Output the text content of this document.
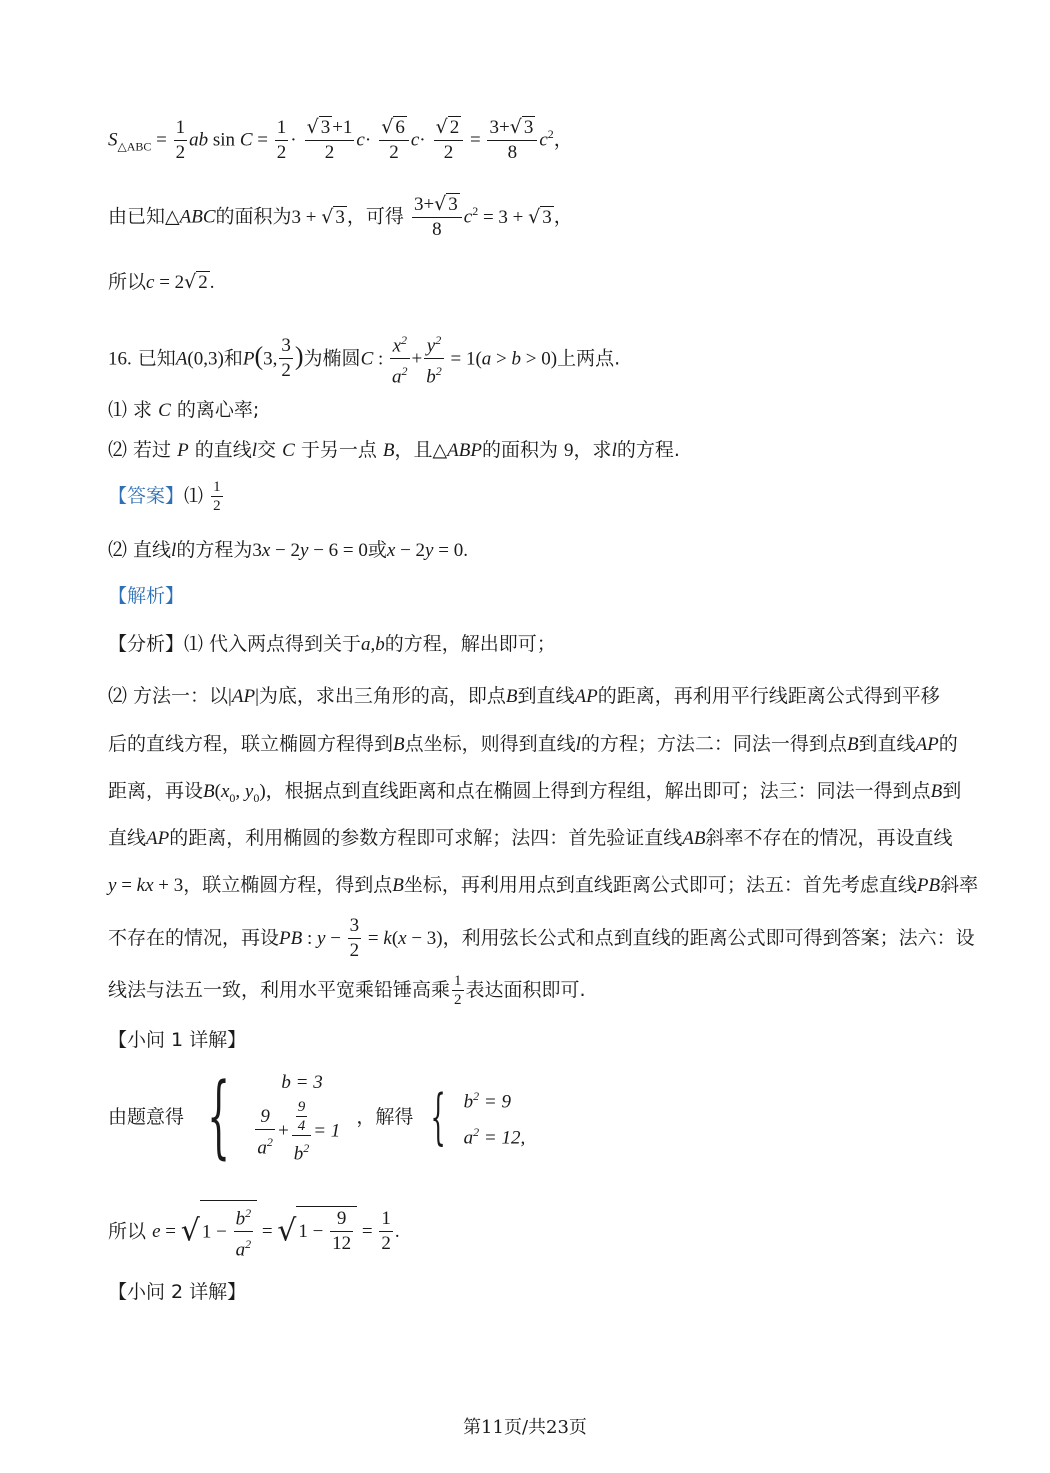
$S_{\triangle ABC} = \frac{1}{2}$ ab $\sin C = \frac{1}{2} \cdot \frac{√ 3 +1}{2} c\cdot \frac{√ 6}{2} c\cdot \frac{√ 2}{2} = \frac{3+√ 3}{8} c^2$，
由已知△ABC的面积为3 + √ 3 ，可得 $\frac{3+√ 3}{8} c^2 = 3$ + √ 3 ，
所以c = 2√ 2 .
16. 已知A(0,3)和P(3, $\frac{3}{2}$ )为椭圆C : $\frac{x^2}{a^2} + \frac{y^2}{b^2} = 1(a > b > 0)$上两点.
⑴ 求 C 的离心率;
⑵ 若过 P 的直线l交 C 于另一点 B，且△ABP的面积为 9，求l的方程.
【答案】⑴ $\frac{1}{2}$
⑵ 直线l的方程为3x − 2y − 6 = 0或x − 2y = 0.
【解析】
【分析】⑴ 代入两点得到关于a,b的方程，解出即可；
⑵ 方法一：以|AP|为底，求出三角形的高，即点B到直线AP的距离，再利用平行线距离公式得到平移
后的直线方程，联立椭圆方程得到B点坐标，则得到直线l的方程；方法二：同法一得到点B到直线AP的
距离，再设$B(x_0$, $y_0$)，根据点到直线距离和点在椭圆上得到方程组，解出即可；法三：同法一得到点B到
直线AP的距离，利用椭圆的参数方程即可求解；法四：首先验证直线AB斜率不存在的情况，再设直线
y = kx + 3，联立椭圆方程，得到点B坐标，再利用用点到直线距离公式即可；法五：首先考虑直线PB斜率
不存在的情况，再设PB : $y - \frac{3}{2} = k(x - 3)$，利用弦长公式和点到直线的距离公式即可得到答案；法六：设
线法与法五一致，利用水平宽乘铅锤高乘 $\frac{1}{2}$ 表达面积即可.
【小问 1 详解】
由题意得 {	b = 3
$\frac{9}{a^2} + \frac{\frac{9}{4}}{b^2} = 1$
，解得 { $b^2 = 9$
$a^2 = 12$,
所以 e = √ $1 - \frac{b^2}{a^2}$ = √ $1 - \frac{9}{12} = \frac{1}{2}$ .
【小问 2 详解】
第11页/共23页
